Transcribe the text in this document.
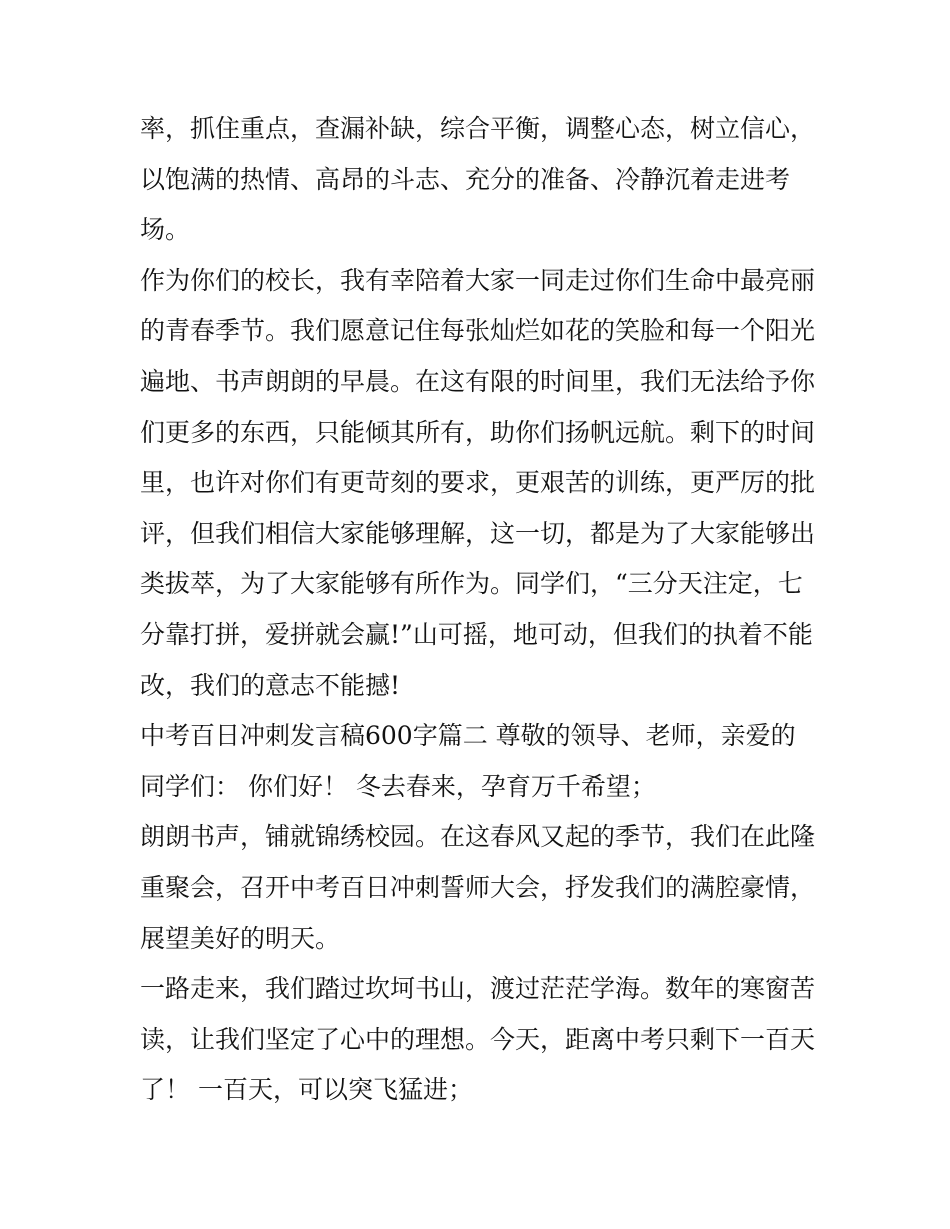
率，抓住重点，查漏补缺，综合平衡，调整心态，树立信心，
以饱满的热情、高昂的斗志、充分的准备、冷静沉着走进考
场。
作为你们的校长，我有幸陪着大家一同走过你们生命中最亮丽
的青春季节。我们愿意记住每张灿烂如花的笑脸和每一个阳光
遍地、书声朗朗的早晨。在这有限的时间里，我们无法给予你
们更多的东西，只能倾其所有，助你们扬帆远航。剩下的时间
里，也许对你们有更苛刻的要求，更艰苦的训练，更严厉的批
评，但我们相信大家能够理解，这一切，都是为了大家能够出
类拔萃，为了大家能够有所作为。同学们，“三分天注定，七
分靠打拼，爱拼就会赢!”山可摇，地可动，但我们的执着不能
改，我们的意志不能撼!
中考百日冲刺发言稿600字篇二 尊敬的领导、老师，亲爱的
同学们： 你们好！ 冬去春来，孕育万千希望；
朗朗书声，铺就锦绣校园。在这春风又起的季节，我们在此隆
重聚会，召开中考百日冲刺誓师大会，抒发我们的满腔豪情，
展望美好的明天。
一路走来，我们踏过坎坷书山，渡过茫茫学海。数年的寒窗苦
读，让我们坚定了心中的理想。今天，距离中考只剩下一百天
了！ 一百天，可以突飞猛进；
